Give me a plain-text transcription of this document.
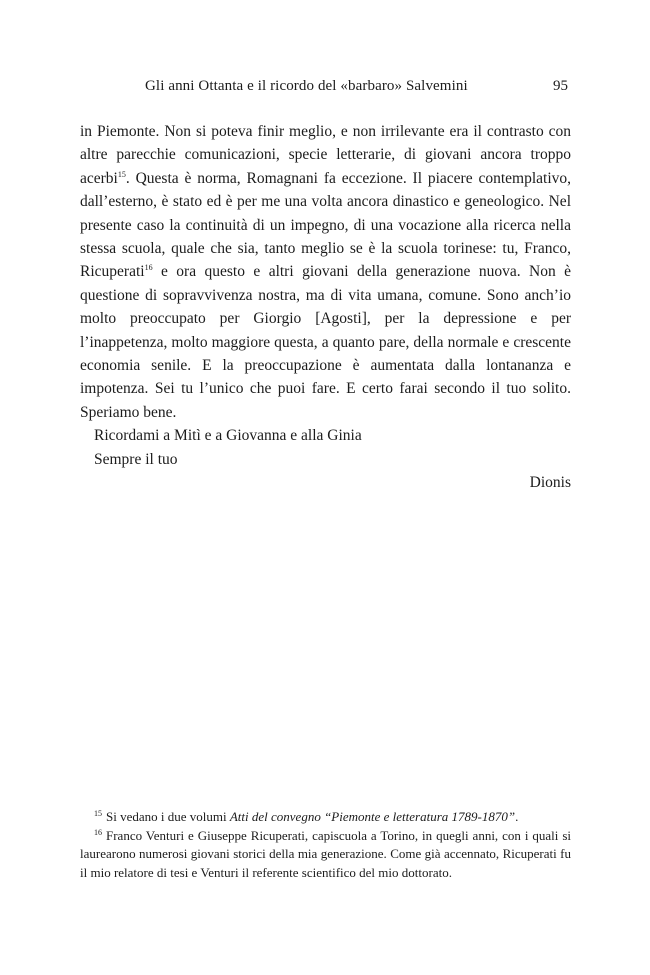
Gli anni Ottanta e il ricordo del «barbaro» Salvemini	95

in Piemonte. Non si poteva finir meglio, e non irrilevante era il contrasto con altre parecchie comunicazioni, specie letterarie, di giovani ancora troppo acerbi$^{15}$. Questa è norma, Romagnani fa eccezione. Il piacere contemplativo, dall’esterno, è stato ed è per me una volta ancora dinastico e geneologico. Nel presente caso la continuità di un impegno, di una vocazione alla ricerca nella stessa scuola, quale che sia, tanto meglio se è la scuola torinese: tu, Franco, Ricuperati$^{16}$ e ora questo e altri giovani della generazione nuova. Non è questione di sopravvivenza nostra, ma di vita umana, comune. Sono anch’io molto preoccupato per Giorgio [Agosti], per la depressione e per l’inappetenza, molto maggiore questa, a quanto pare, della normale e crescente economia senile. E la preoccupazione è aumentata dalla lontananza e impotenza. Sei tu l’unico che puoi fare. E certo farai secondo il tuo solito. Speriamo bene.

Ricordami a Mitì e a Giovanna e alla Ginia

Sempre il tuo

Dionis

$^{15}$ Si vedano i due volumi Atti del convegno “Piemonte e letteratura 1789-1870”.

$^{16}$ Franco Venturi e Giuseppe Ricuperati, capiscuola a Torino, in quegli anni, con i quali si laurearono numerosi giovani storici della mia generazione. Come già accennato, Ricuperati fu il mio relatore di tesi e Venturi il referente scientifico del mio dottorato.
